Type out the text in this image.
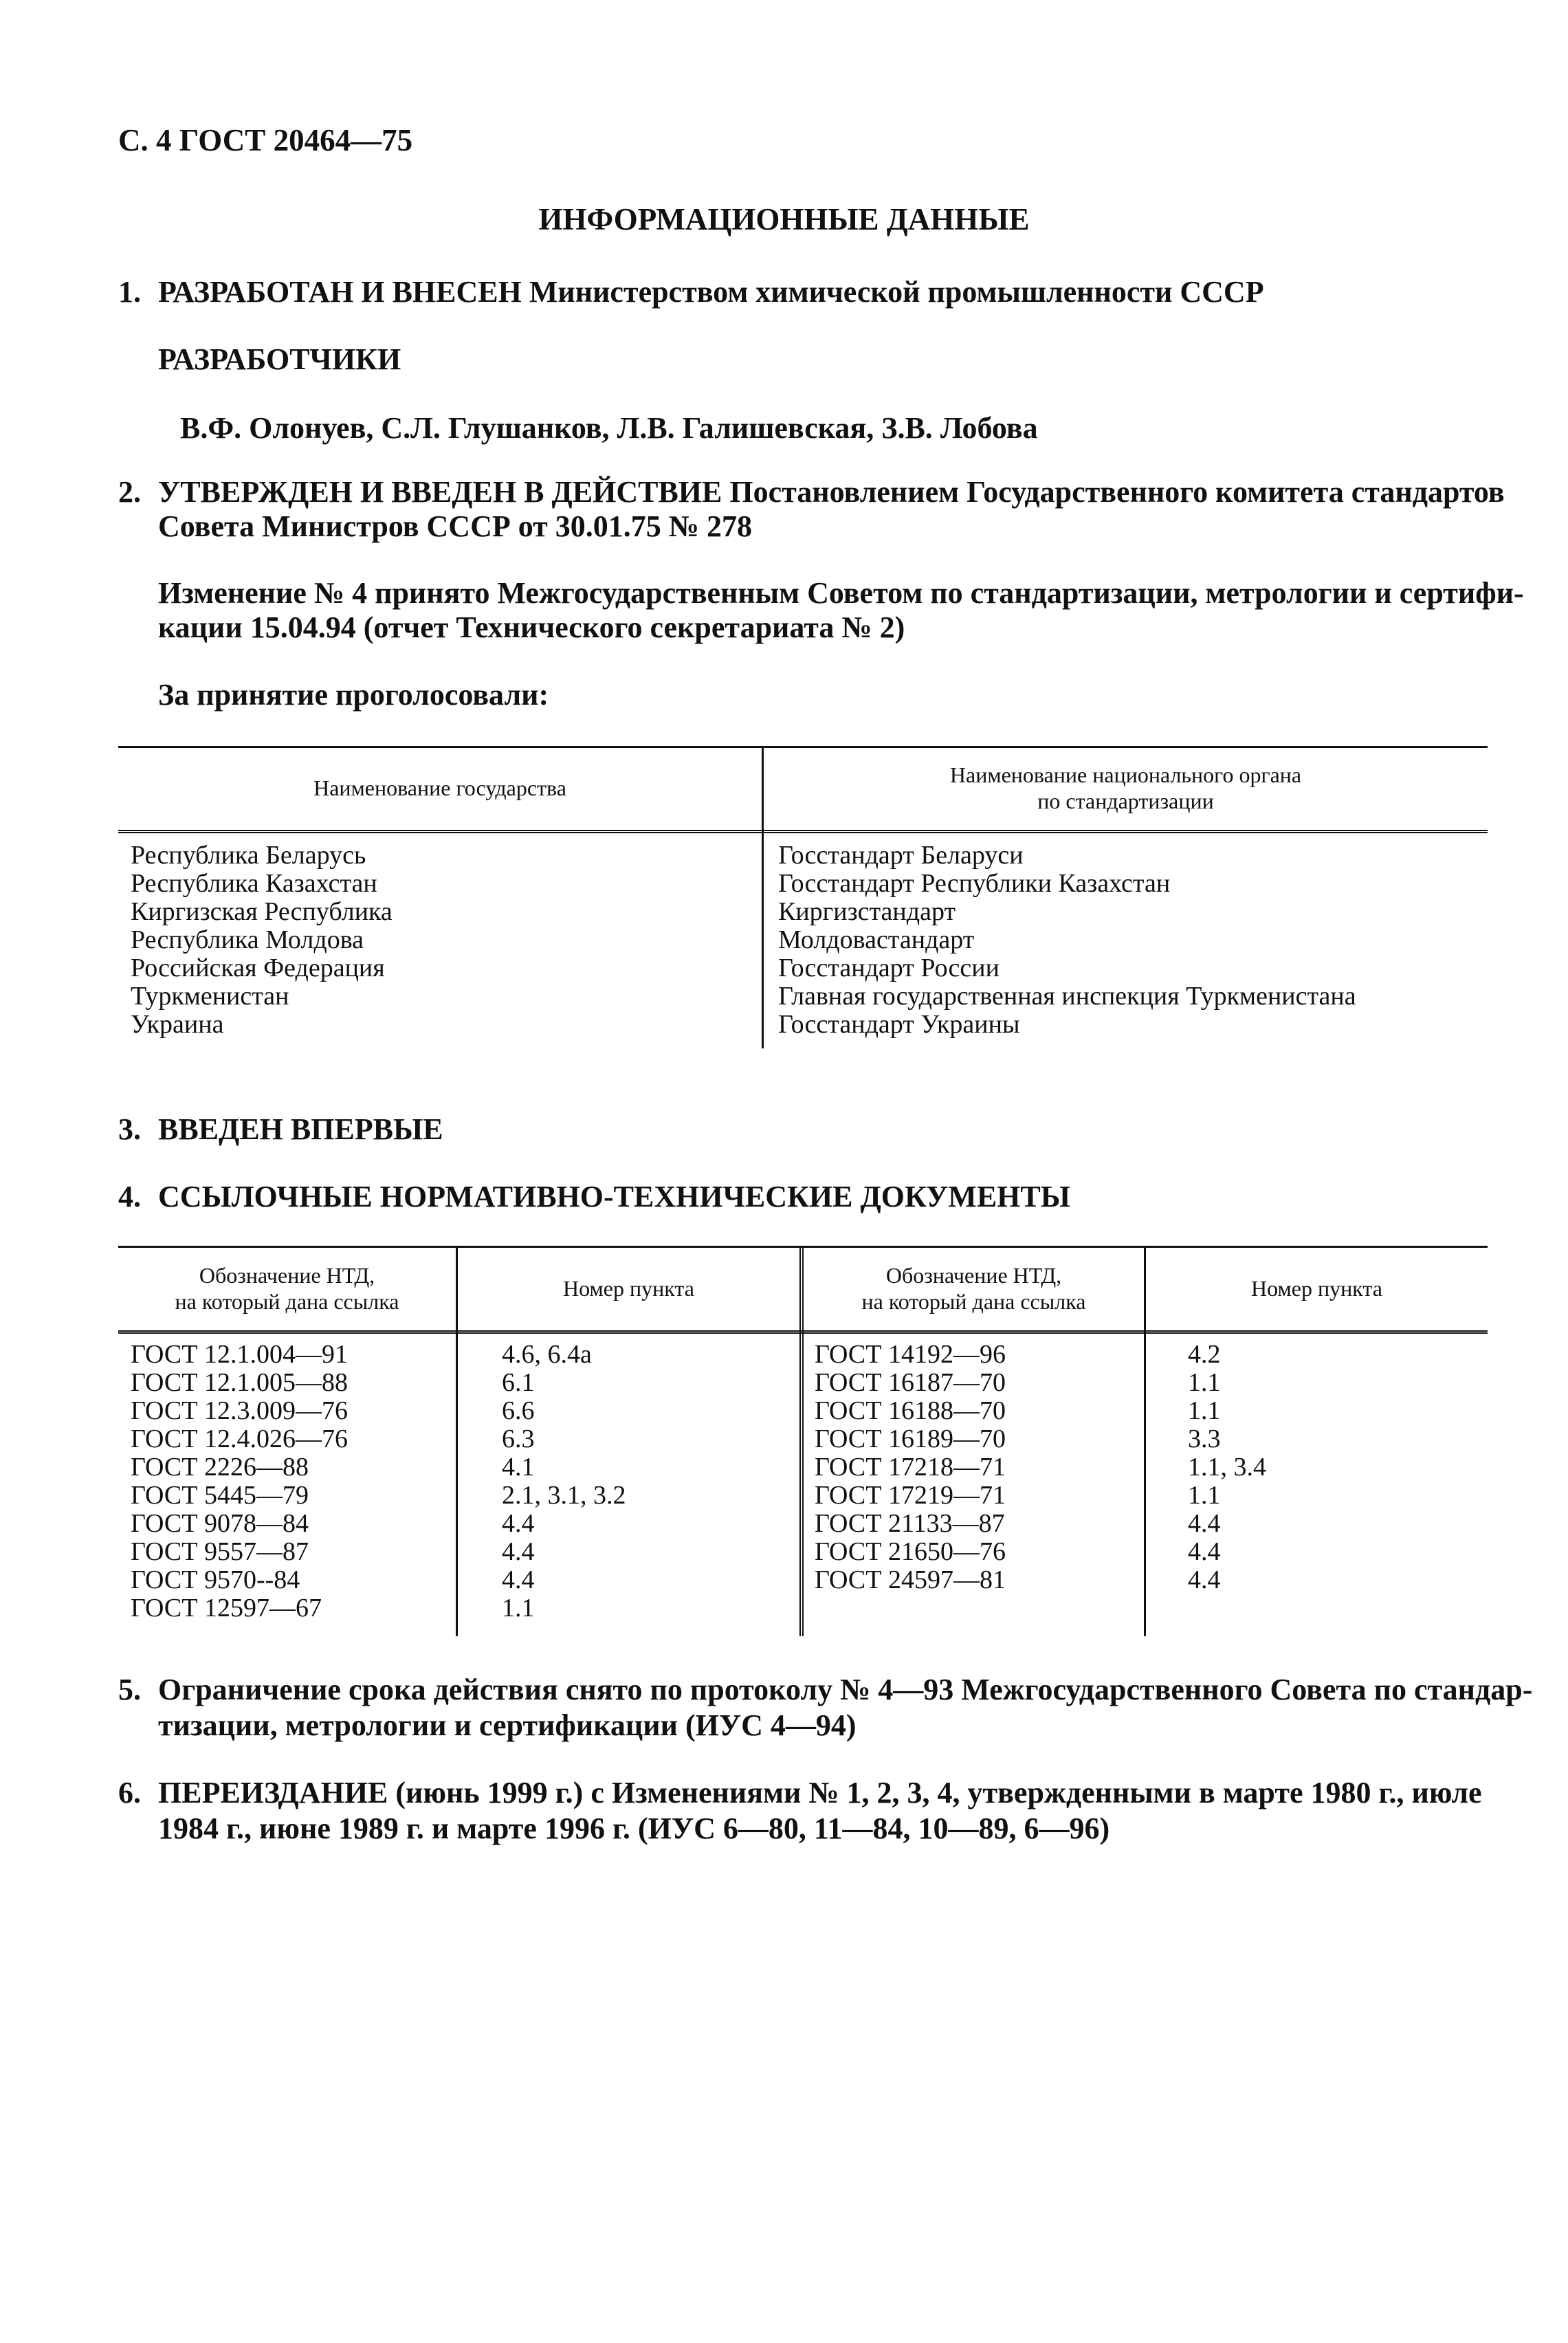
С. 4 ГОСТ 20464—75
ИНФОРМАЦИОННЫЕ ДАННЫЕ
1. РАЗРАБОТАН И ВНЕСЕН Министерством химической промышленности СССР
РАЗРАБОТЧИКИ
В.Ф. Олонуев, С.Л. Глушанков, Л.В. Галишевская, З.В. Лобова
2. УТВЕРЖДЕН И ВВЕДЕН В ДЕЙСТВИЕ Постановлением Государственного комитета стандартов
Совета Министров СССР от 30.01.75 № 278
Изменение № 4 принято Межгосударственным Советом по стандартизации, метрологии и сертифи-
кации 15.04.94 (отчет Технического секретариата № 2)
За принятие проголосовали:
Наименование государства
Наименование национального органа
по стандартизации
Республика Беларусь
Республика Казахстан
Киргизская Республика
Республика Молдова
Российская Федерация
Туркменистан
Украина
Госстандарт Беларуси
Госстандарт Республики Казахстан
Киргизстандарт
Молдовастандарт
Госстандарт России
Главная государственная инспекция Туркменистана
Госстандарт Украины
3. ВВЕДЕН ВПЕРВЫЕ
4. ССЫЛОЧНЫЕ НОРМАТИВНО-ТЕХНИЧЕСКИЕ ДОКУМЕНТЫ
Обозначение НТД,
на который дана ссылка
Номер пункта
Обозначение НТД,
на который дана ссылка
Номер пункта
ГОСТ 12.1.004—91
ГОСТ 12.1.005—88
ГОСТ 12.3.009—76
ГОСТ 12.4.026—76
ГОСТ 2226—88
ГОСТ 5445—79
ГОСТ 9078—84
ГОСТ 9557—87
ГОСТ 9570--84
ГОСТ 12597—67
4.6, 6.4а
6.1
6.6
6.3
4.1
2.1, 3.1, 3.2
4.4
4.4
4.4
1.1
ГОСТ 14192—96
ГОСТ 16187—70
ГОСТ 16188—70
ГОСТ 16189—70
ГОСТ 17218—71
ГОСТ 17219—71
ГОСТ 21133—87
ГОСТ 21650—76
ГОСТ 24597—81
4.2
1.1
1.1
3.3
1.1, 3.4
1.1
4.4
4.4
4.4
5. Ограничение срока действия снято по протоколу № 4—93 Межгосударственного Совета по стандар-
тизации, метрологии и сертификации (ИУС 4—94)
6. ПЕРЕИЗДАНИЕ (июнь 1999 г.) с Изменениями № 1, 2, 3, 4, утвержденными в марте 1980 г., июле
1984 г., июне 1989 г. и марте 1996 г. (ИУС 6—80, 11—84, 10—89, 6—96)
